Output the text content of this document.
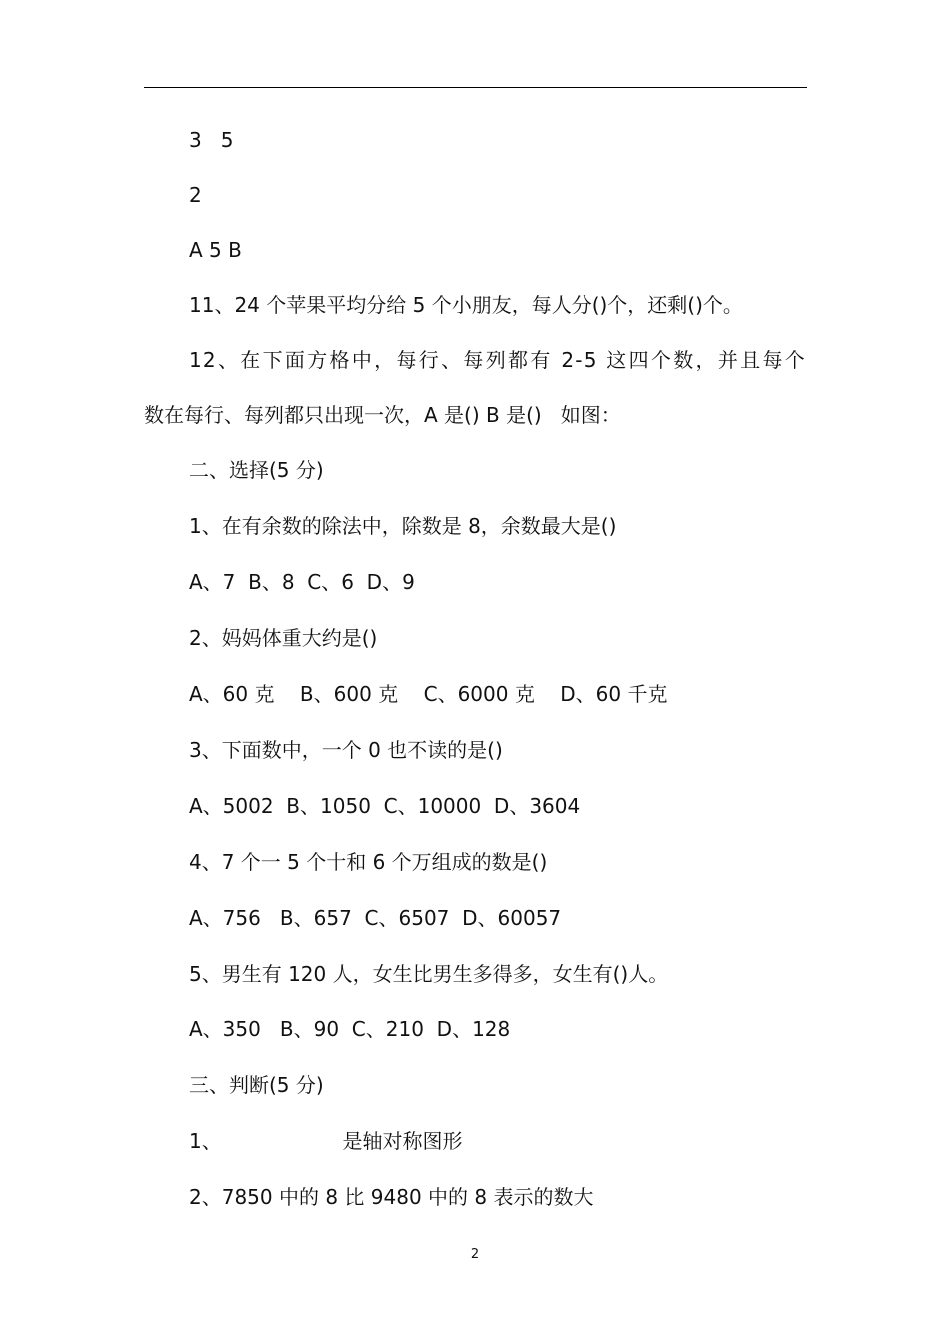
3   5
2
A 5 B
11、24 个苹果平均分给 5 个小朋友，每人分()个，还剩()个。
12、在下面方格中，每行、每列都有 2-5 这四个数，并且每个
数在每行、每列都只出现一次，A 是() B 是()   如图：
二、选择(5 分)
1、在有余数的除法中，除数是 8，余数最大是()
A、7  B、8  C、6  D、9
2、妈妈体重大约是()
A、60 克    B、600 克    C、6000 克    D、60 千克
3、下面数中，一个 0 也不读的是()
A、5002  B、1050  C、10000  D、3604
4、7 个一 5 个十和 6 个万组成的数是()
A、756   B、657  C、6507  D、60057
5、男生有 120 人，女生比男生多得多，女生有()人。
A、350   B、90  C、210  D、128
三、判断(5 分)
1、                   是轴对称图形
2、7850 中的 8 比 9480 中的 8 表示的数大
2
